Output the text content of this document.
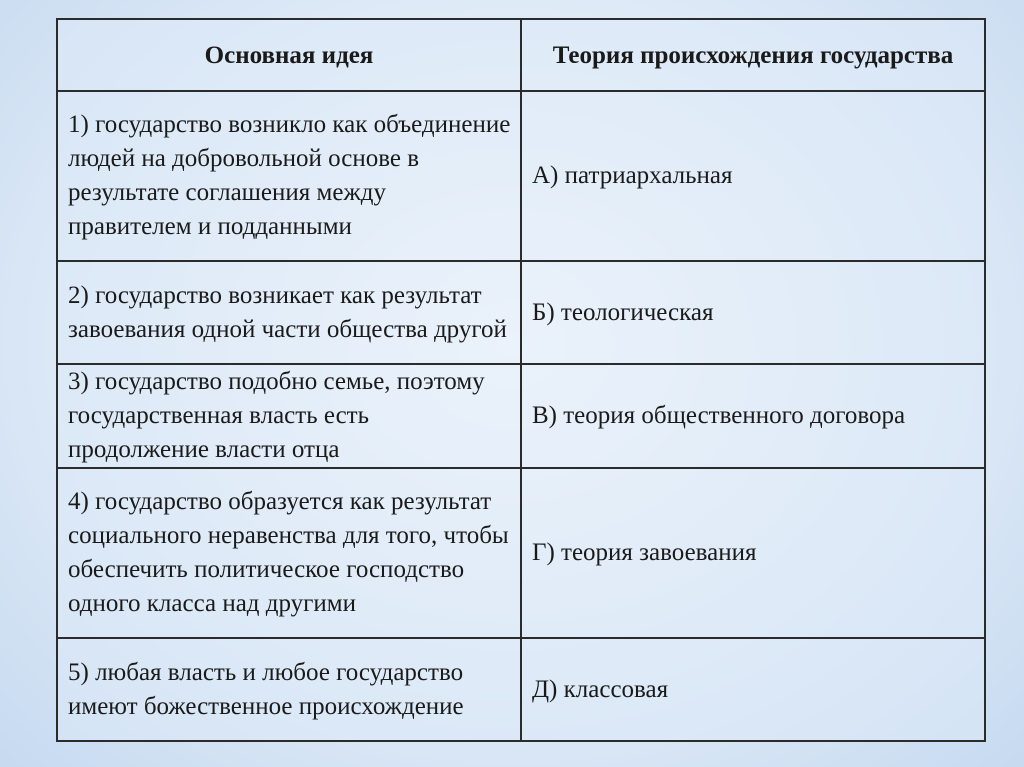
Основная идея	Теория происхождения государства
1) государство возникло как объединение людей на добровольной основе в результате соглашения между правителем и подданными	А) патриархальная
2) государство возникает как результат завоевания одной части общества другой	Б) теологическая
3) государство подобно семье, поэтому государственная власть есть продолжение власти отца	В) теория общественного договора
4) государство образуется как результат социального неравенства для того, чтобы обеспечить политическое господство одного класса над другими	Г) теория завоевания
5) любая власть и любое государство имеют божественное происхождение	Д) классовая
